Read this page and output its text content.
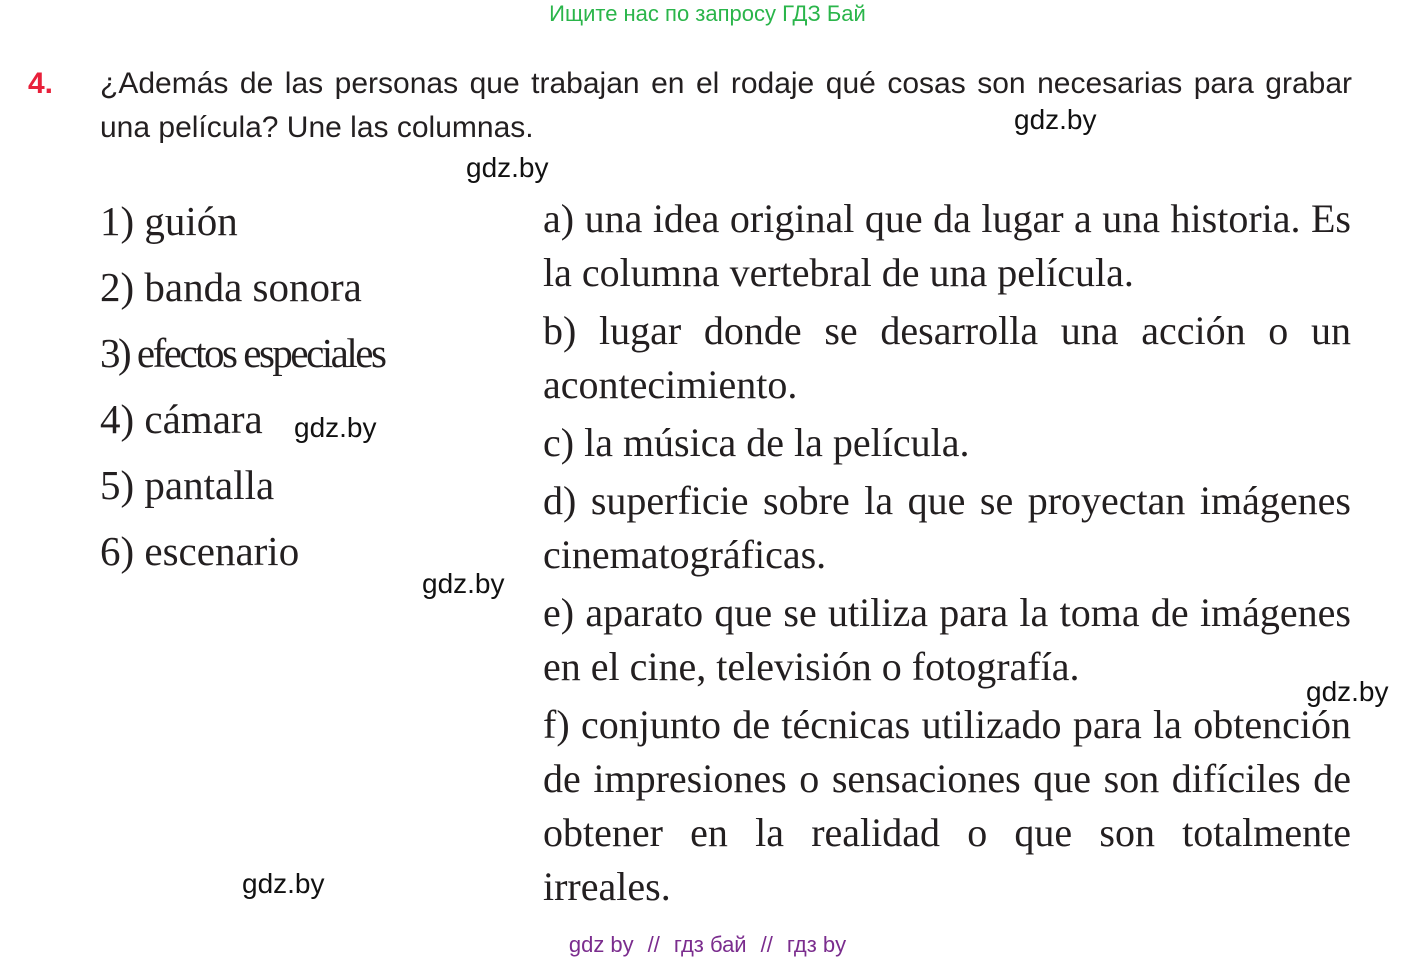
Ищите нас по запросу ГДЗ Бай
4. ¿Además de las personas que trabajan en el rodaje qué cosas son necesarias para grabar una película? Une las columnas.
1) guión
2) banda sonora
3) efectos especiales
4) cámara
5) pantalla
6) escenario
a) una idea original que da lugar a una historia. Es la columna vertebral de una película.
b) lugar donde se desarrolla una acción o un acontecimiento.
c) la música de la película.
d) superficie sobre la que se proyectan imágenes cinematográficas.
e) aparato que se utiliza para la toma de imágenes en el cine, televisión o fotografía.
f) conjunto de técnicas utilizado para la obtención de impresiones o sensaciones que son difíciles de obtener en la realidad o que son totalmente irreales.
gdz.by
gdz.by
gdz.by
gdz.by
gdz.by
gdz.by
gdz by // гдз бай // гдз by
